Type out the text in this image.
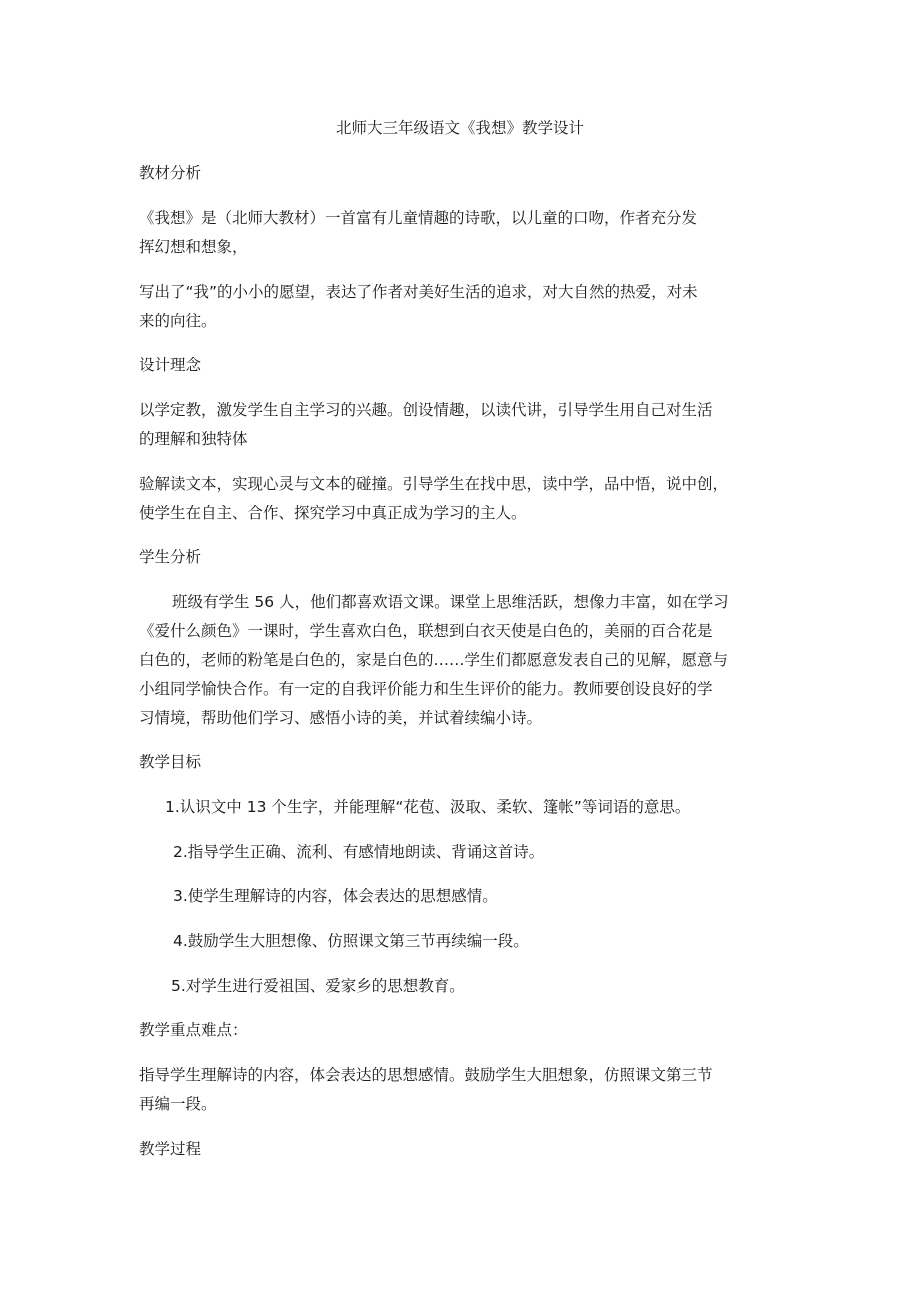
北师大三年级语文《我想》教学设计
教材分析
《我想》是（北师大教材）一首富有儿童情趣的诗歌，以儿童的口吻，作者充分发
挥幻想和想象，
写出了“我”的小小的愿望，表达了作者对美好生活的追求，对大自然的热爱，对未
来的向往。
设计理念
以学定教，激发学生自主学习的兴趣。创设情趣，以读代讲，引导学生用自己对生活
的理解和独特体
验解读文本，实现心灵与文本的碰撞。引导学生在找中思，读中学，品中悟，说中创，
使学生在自主、合作、探究学习中真正成为学习的主人。
学生分析
班级有学生 56 人，他们都喜欢语文课。课堂上思维活跃，想像力丰富，如在学习
《爱什么颜色》一课时，学生喜欢白色，联想到白衣天使是白色的，美丽的百合花是
白色的，老师的粉笔是白色的，家是白色的……学生们都愿意发表自己的见解，愿意与
小组同学愉快合作。有一定的自我评价能力和生生评价的能力。教师要创设良好的学
习情境，帮助他们学习、感悟小诗的美，并试着续编小诗。
教学目标
1.认识文中 13 个生字，并能理解“花苞、汲取、柔软、篷帐”等词语的意思。
2.指导学生正确、流利、有感情地朗读、背诵这首诗。
3.使学生理解诗的内容，体会表达的思想感情。
4.鼓励学生大胆想像、仿照课文第三节再续编一段。
5.对学生进行爱祖国、爱家乡的思想教育。
教学重点难点：
指导学生理解诗的内容，体会表达的思想感情。鼓励学生大胆想象，仿照课文第三节
再编一段。
教学过程
